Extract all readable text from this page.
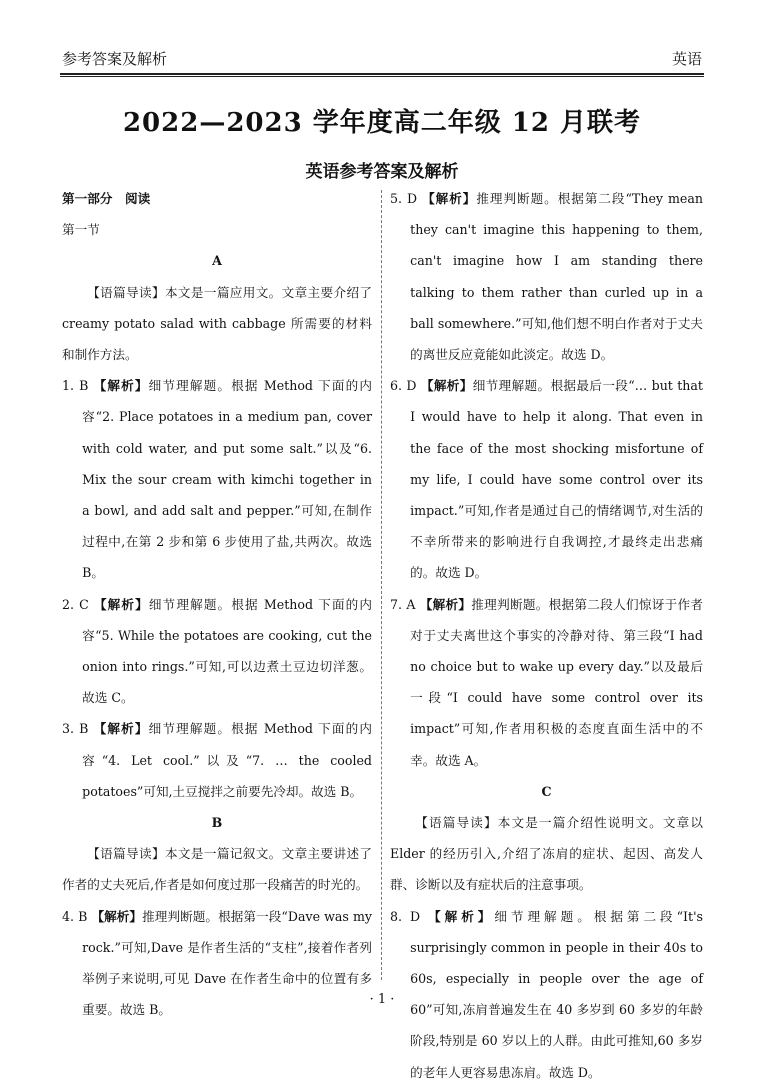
参考答案及解析	英语
2022—2023 学年度高二年级 12 月联考
英语参考答案及解析

第一部分　阅读

第一节

A

【语篇导读】本文是一篇应用文。文章主要介绍了 creamy potato salad with cabbage 所需要的材料和制作方法。

1. B 【解析】细节理解题。根据 Method 下面的内容“2. Place potatoes in a medium pan, cover with cold water, and put some salt.”以及“6. Mix the sour cream with kimchi together in a bowl, and add salt and pepper.”可知,在制作过程中,在第 2 步和第 6 步使用了盐,共两次。故选 B。

2. C 【解析】细节理解题。根据 Method 下面的内容“5. While the potatoes are cooking, cut the onion into rings.”可知,可以边煮土豆边切洋葱。故选 C。

3. B 【解析】细节理解题。根据 Method 下面的内容“4. Let cool.”以及“7. … the cooled potatoes”可知,土豆搅拌之前要先冷却。故选 B。

B

【语篇导读】本文是一篇记叙文。文章主要讲述了作者的丈夫死后,作者是如何度过那一段痛苦的时光的。

4. B 【解析】推理判断题。根据第一段“Dave was my rock.”可知,Dave 是作者生活的“支柱”,接着作者列举例子来说明,可见 Dave 在作者生命中的位置有多重要。故选 B。

5. D 【解析】推理判断题。根据第二段“They mean they can't imagine this happening to them, can't imagine how I am standing there talking to them rather than curled up in a ball somewhere.”可知,他们想不明白作者对于丈夫的离世反应竟能如此淡定。故选 D。

6. D 【解析】细节理解题。根据最后一段“… but that I would have to help it along. That even in the face of the most shocking misfortune of my life, I could have some control over its impact.”可知,作者是通过自己的情绪调节,对生活的不幸所带来的影响进行自我调控,才最终走出悲痛的。故选 D。

7. A 【解析】推理判断题。根据第二段人们惊讶于作者对于丈夫离世这个事实的冷静对待、第三段“I had no choice but to wake up every day.”以及最后一段“I could have some control over its impact”可知,作者用积极的态度直面生活中的不幸。故选 A。

C

【语篇导读】本文是一篇介绍性说明文。文章以 Elder 的经历引入,介绍了冻肩的症状、起因、高发人群、诊断以及有症状后的注意事项。

8. D 【解析】细节理解题。根据第二段“It's surprisingly common in people in their 40s to 60s, especially in people over the age of 60”可知,冻肩普遍发生在 40 多岁到 60 多岁的年龄阶段,特别是 60 岁以上的人群。由此可推知,60 多岁的老年人更容易患冻肩。故选 D。

· 1 ·
